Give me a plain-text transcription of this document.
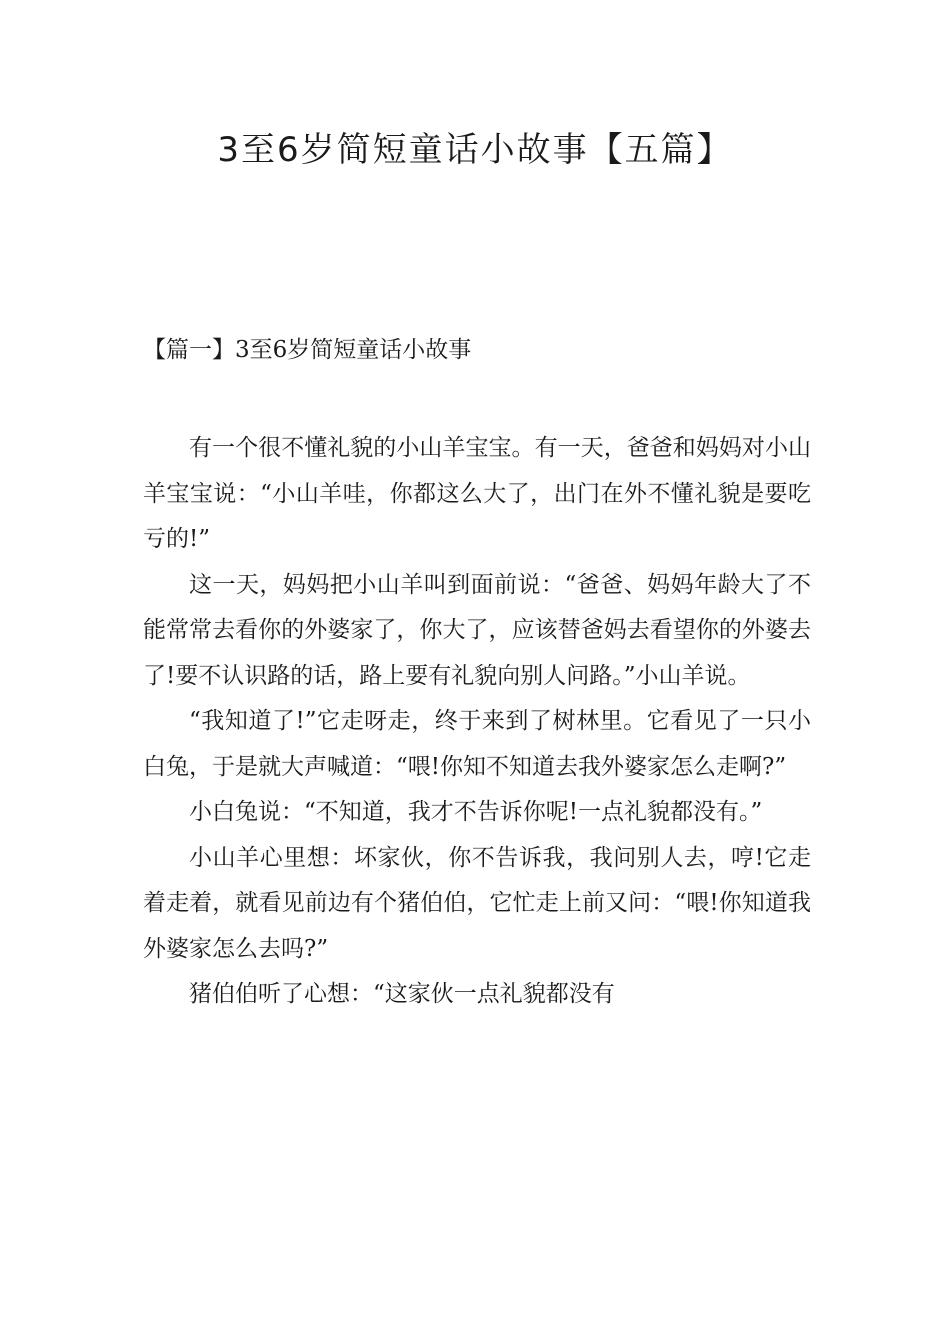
3至6岁简短童话小故事【五篇】
【篇一】3至6岁简短童话小故事

有一个很不懂礼貌的小山羊宝宝。有一天，爸爸和妈妈对小山羊宝宝说：“小山羊哇，你都这么大了，出门在外不懂礼貌是要吃亏的!”

这一天，妈妈把小山羊叫到面前说：“爸爸、妈妈年龄大了不能常常去看你的外婆家了，你大了，应该替爸妈去看望你的外婆去了!要不认识路的话，路上要有礼貌向别人问路。”小山羊说。

“我知道了!”它走呀走，终于来到了树林里。它看见了一只小白兔，于是就大声喊道：“喂!你知不知道去我外婆家怎么走啊?”

小白兔说：“不知道，我才不告诉你呢!一点礼貌都没有。”

小山羊心里想：坏家伙，你不告诉我，我问别人去，哼!它走着走着，就看见前边有个猪伯伯，它忙走上前又问：“喂!你知道我外婆家怎么去吗?”

猪伯伯听了心想：“这家伙一点礼貌都没有
